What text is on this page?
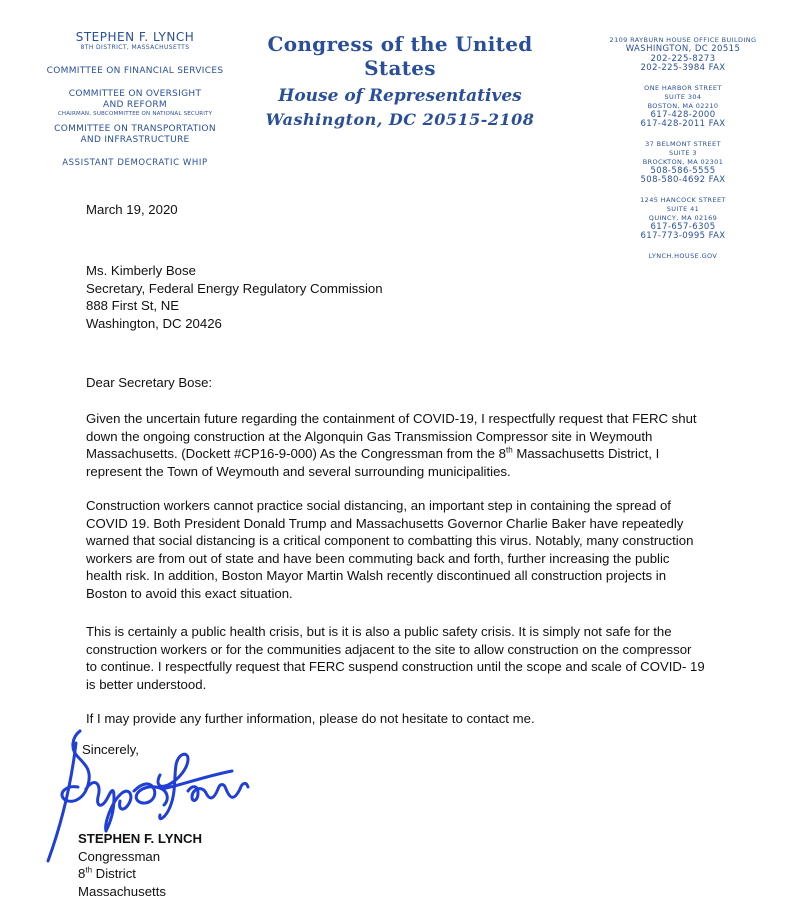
STEPHEN F. LYNCH
8TH DISTRICT, MASSACHUSETTS
COMMITTEE ON FINANCIAL SERVICES
COMMITTEE ON OVERSIGHT
AND REFORM
CHAIRMAN, SUBCOMMITTEE ON NATIONAL SECURITY
COMMITTEE ON TRANSPORTATION
AND INFRASTRUCTURE
ASSISTANT DEMOCRATIC WHIP
Congress of the United States
House of Representatives
Washington, DC 20515-2108
2109 RAYBURN HOUSE OFFICE BUILDING
WASHINGTON, DC 20515
202-225-8273
202-225-3984 FAX
ONE HARBOR STREET
SUITE 304
BOSTON, MA 02210
617-428-2000
617-428-2011 FAX
37 BELMONT STREET
SUITE 3
BROCKTON, MA 02301
508-586-5555
508-580-4692 FAX
1245 HANCOCK STREET
SUITE 41
QUINCY, MA 02169
617-657-6305
617-773-0995 FAX
LYNCH.HOUSE.GOV
March 19, 2020
Ms. Kimberly Bose
Secretary, Federal Energy Regulatory Commission
888 First St, NE
Washington, DC 20426
Dear Secretary Bose:

Given the uncertain future regarding the containment of COVID-19, I respectfully request that FERC shut down the ongoing construction at the Algonquin Gas Transmission Compressor site in Weymouth Massachusetts. (Dockett #CP16-9-000) As the Congressman from the 8th Massachusetts District, I represent the Town of Weymouth and several surrounding municipalities.

Construction workers cannot practice social distancing, an important step in containing the spread of COVID 19. Both President Donald Trump and Massachusetts Governor Charlie Baker have repeatedly warned that social distancing is a critical component to combatting this virus. Notably, many construction workers are from out of state and have been commuting back and forth, further increasing the public health risk. In addition, Boston Mayor Martin Walsh recently discontinued all construction projects in Boston to avoid this exact situation.

This is certainly a public health crisis, but is it is also a public safety crisis. It is simply not safe for the construction workers or for the communities adjacent to the site to allow construction on the compressor to continue. I respectfully request that FERC suspend construction until the scope and scale of COVID- 19 is better understood.

If I may provide any further information, please do not hesitate to contact me.

Sincerely,
STEPHEN F. LYNCH
Congressman
8th District
Massachusetts
